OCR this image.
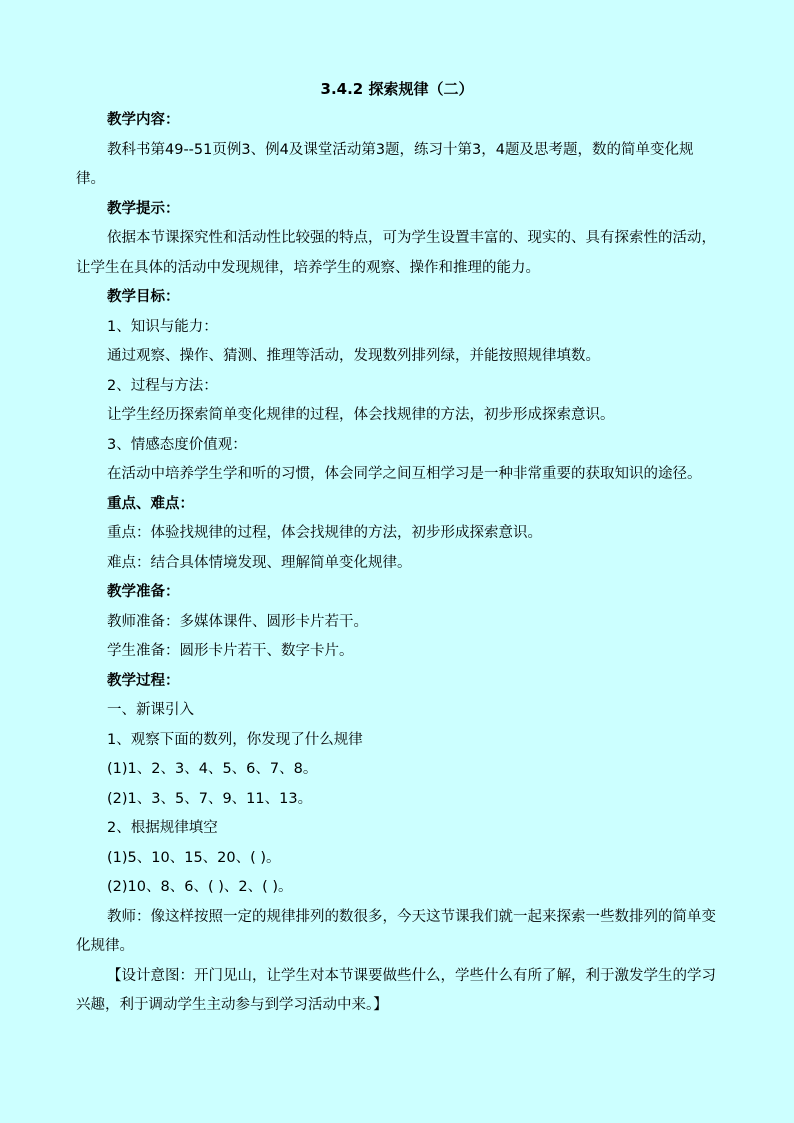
3.4.2 探索规律（二）

教学内容：

教科书第49--51页例3、例4及课堂活动第3题，练习十第3，4题及思考题，数的简单变化规律。

教学提示：

依据本节课探究性和活动性比较强的特点，可为学生设置丰富的、现实的、具有探索性的活动，让学生在具体的活动中发现规律，培养学生的观察、操作和推理的能力。

教学目标：

1、知识与能力：

通过观察、操作、猜测、推理等活动，发现数列排列绿，并能按照规律填数。

2、过程与方法：

让学生经历探索简单变化规律的过程，体会找规律的方法，初步形成探索意识。

3、情感态度价值观：

在活动中培养学生学和听的习惯，体会同学之间互相学习是一种非常重要的获取知识的途径。

重点、难点：

重点：体验找规律的过程，体会找规律的方法，初步形成探索意识。

难点：结合具体情境发现、理解简单变化规律。

教学准备：

教师准备：多媒体课件、圆形卡片若干。

学生准备：圆形卡片若干、数字卡片。

教学过程：

一、新课引入

1、观察下面的数列，你发现了什么规律

(1)1、2、3、4、5、6、7、8。

(2)1、3、5、7、9、11、13。

2、根据规律填空

(1)5、10、15、20、( )。

(2)10、8、6、( )、2、( )。

教师：像这样按照一定的规律排列的数很多，今天这节课我们就一起来探索一些数排列的简单变化规律。

【设计意图：开门见山，让学生对本节课要做些什么，学些什么有所了解，利于激发学生的学习兴趣，利于调动学生主动参与到学习活动中来。】
